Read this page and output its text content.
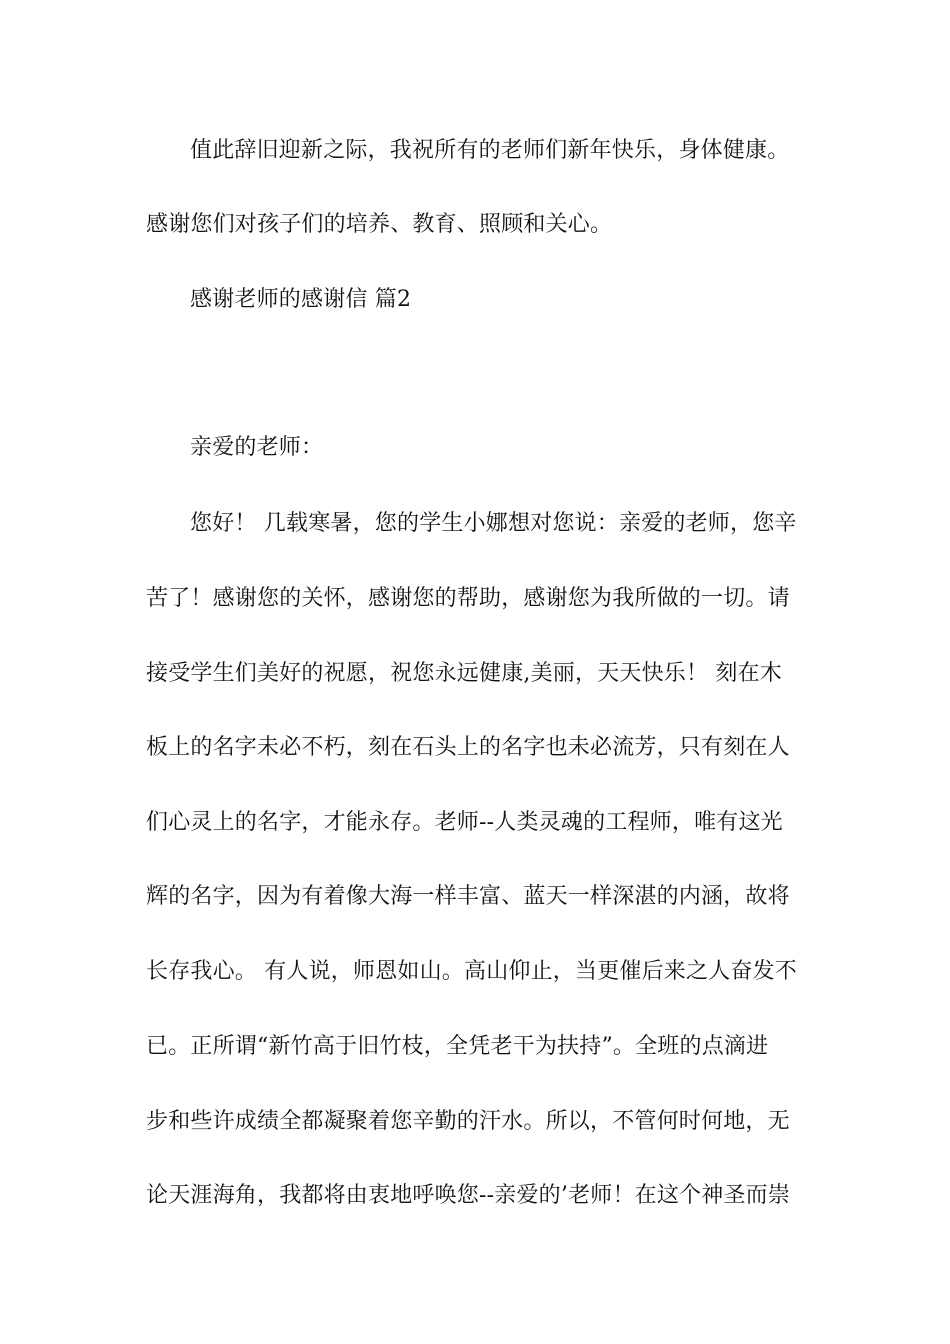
值此辞旧迎新之际，我祝所有的老师们新年快乐，身体健康。
感谢您们对孩子们的培养、教育、照顾和关心。
感谢老师的感谢信 篇2
亲爱的老师：
您好！ 几载寒暑，您的学生小娜想对您说：亲爱的老师，您辛
苦了！感谢您的关怀，感谢您的帮助，感谢您为我所做的一切。请
接受学生们美好的祝愿，祝您永远健康,美丽，天天快乐！ 刻在木
板上的名字未必不朽，刻在石头上的名字也未必流芳，只有刻在人
们心灵上的名字，才能永存。老师--人类灵魂的工程师，唯有这光
辉的名字，因为有着像大海一样丰富、蓝天一样深湛的内涵，故将
长存我心。 有人说，师恩如山。高山仰止，当更催后来之人奋发不
已。正所谓“新竹高于旧竹枝，全凭老干为扶持”。全班的点滴进
步和些许成绩全都凝聚着您辛勤的汗水。所以，不管何时何地，无
论天涯海角，我都将由衷地呼唤您--亲爱的’老师！在这个神圣而崇
